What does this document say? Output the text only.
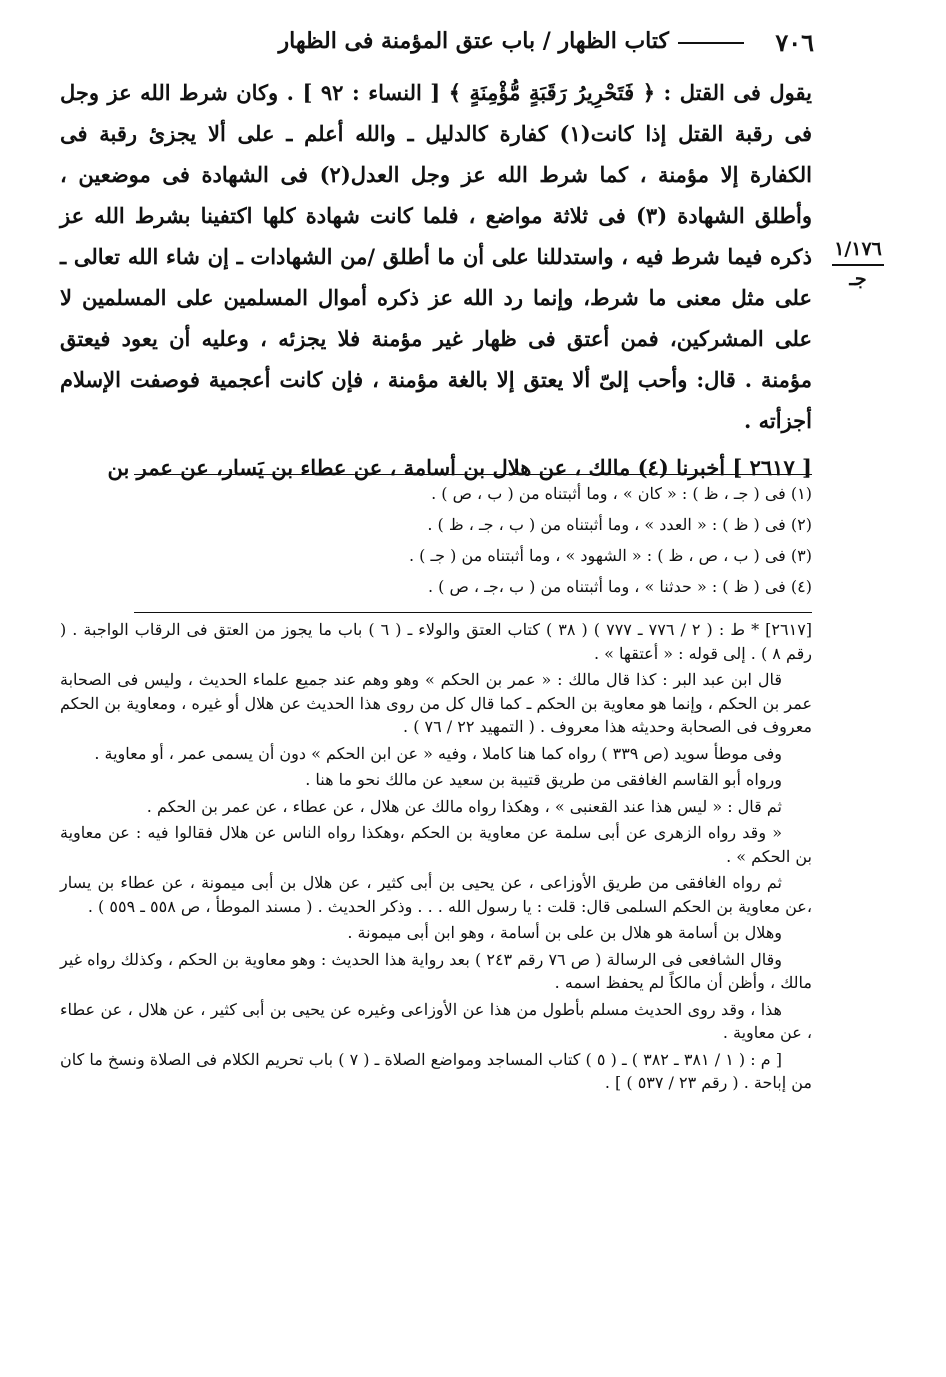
٧٠٦
كتاب الظهار / باب عتق المؤمنة فى الظهار

يقول فى القتل : ﴿ فَتَحْرِيرُ رَقَبَةٍ مُّؤْمِنَةٍ ﴾ [ النساء : ٩٢ ] . وكان شرط الله عز وجل فى رقبة القتل إذا كانت(١) كفارة كالدليل ـ والله أعلم ـ على ألا يجزئ رقبة فى الكفارة إلا مؤمنة ، كما شرط الله عز وجل العدل(٢) فى الشهادة فى موضعين ، وأطلق الشهادة (٣) فى ثلاثة مواضع ، فلما كانت شهادة كلها اكتفينا بشرط الله عز ذكره فيما شرط فيه ، واستدللنا على أن ما أطلق /من الشهادات ـ إن شاء الله تعالى ـ على مثل معنى ما شرط، وإنما رد الله عز ذكره أموال المسلمين على المسلمين لا على المشركين، فمن أعتق فى ظهار غير مؤمنة فلا يجزئه ، وعليه أن يعود فيعتق مؤمنة . قال: وأحب إلىّ ألا يعتق إلا بالغة مؤمنة ، فإن كانت أعجمية فوصفت الإسلام أجزأته .

[ ٢٦١٧ ] أخبرنا (٤) مالك ، عن هلال بن أسامة ، عن عطاء بن يَسار، عن عمر بن

١/١٧٦
جـ
(١) فى ( جـ ، ظ ) : « كان » ، وما أثبتناه من ( ب ، ص ) .
(٢) فى ( ظ ) : « العدد » ، وما أثبتناه من ( ب ، جـ ، ظ ) .
(٣) فى ( ب ، ص ، ظ ) : « الشهود » ، وما أثبتناه من ( جـ ) .
(٤) فى ( ظ ) : « حدثنا » ، وما أثبتناه من ( ب ،جـ ، ص ) .

[٢٦١٧] * ط : ( ٢ / ٧٧٦ ـ ٧٧٧ ) ( ٣٨ ) كتاب العتق والولاء ـ ( ٦ ) باب ما يجوز من العتق فى الرقاب الواجبة . ( رقم ٨ ) . إلى قوله : « أعتقها » .

قال ابن عبد البر : كذا قال مالك : « عمر بن الحكم » وهو وهم عند جميع علماء الحديث ، وليس فى الصحابة عمر بن الحكم ، وإنما هو معاوية بن الحكم ـ كما قال كل من روى هذا الحديث عن هلال أو غيره ، ومعاوية بن الحكم معروف فى الصحابة وحديثه هذا معروف . ( التمهيد ٢٢ / ٧٦ ) .

وفى موطأ سويد (ص ٣٣٩ ) رواه كما هنا كاملا ، وفيه « عن ابن الحكم » دون أن يسمى عمر ، أو معاوية .

ورواه أبو القاسم الغافقى من طريق قتيبة بن سعيد عن مالك نحو ما هنا .

ثم قال : « ليس هذا عند القعنبى » ، وهكذا رواه مالك عن هلال ، عن عطاء ، عن عمر بن الحكم .

« وقد رواه الزهرى عن أبى سلمة عن معاوية بن الحكم ،وهكذا رواه الناس عن هلال فقالوا فيه : عن معاوية بن الحكم » .

ثم رواه الغافقى من طريق الأوزاعى ، عن يحيى بن أبى كثير ، عن هلال بن أبى ميمونة ، عن عطاء بن يسار ،عن معاوية بن الحكم السلمى قال: قلت : يا رسول الله . . . وذكر الحديث . ( مسند الموطأ ، ص ٥٥٨ ـ ٥٥٩ ) .

وهلال بن أسامة هو هلال بن على بن أسامة ، وهو ابن أبى ميمونة .

وقال الشافعى فى الرسالة ( ص ٧٦ رقم ٢٤٣ ) بعد رواية هذا الحديث : وهو معاوية بن الحكم ، وكذلك رواه غير مالك ، وأظن أن مالكاً لم يحفظ اسمه .

هذا ، وقد روى الحديث مسلم بأطول من هذا عن الأوزاعى وغيره عن يحيى بن أبى كثير ، عن هلال ، عن عطاء ، عن معاوية .

[ م : ( ١ / ٣٨١ ـ ٣٨٢ ) ـ ( ٥ ) كتاب المساجد ومواضع الصلاة ـ ( ٧ ) باب تحريم الكلام فى الصلاة ونسخ ما كان من إباحة . ( رقم ٢٣ / ٥٣٧ ) ] .
